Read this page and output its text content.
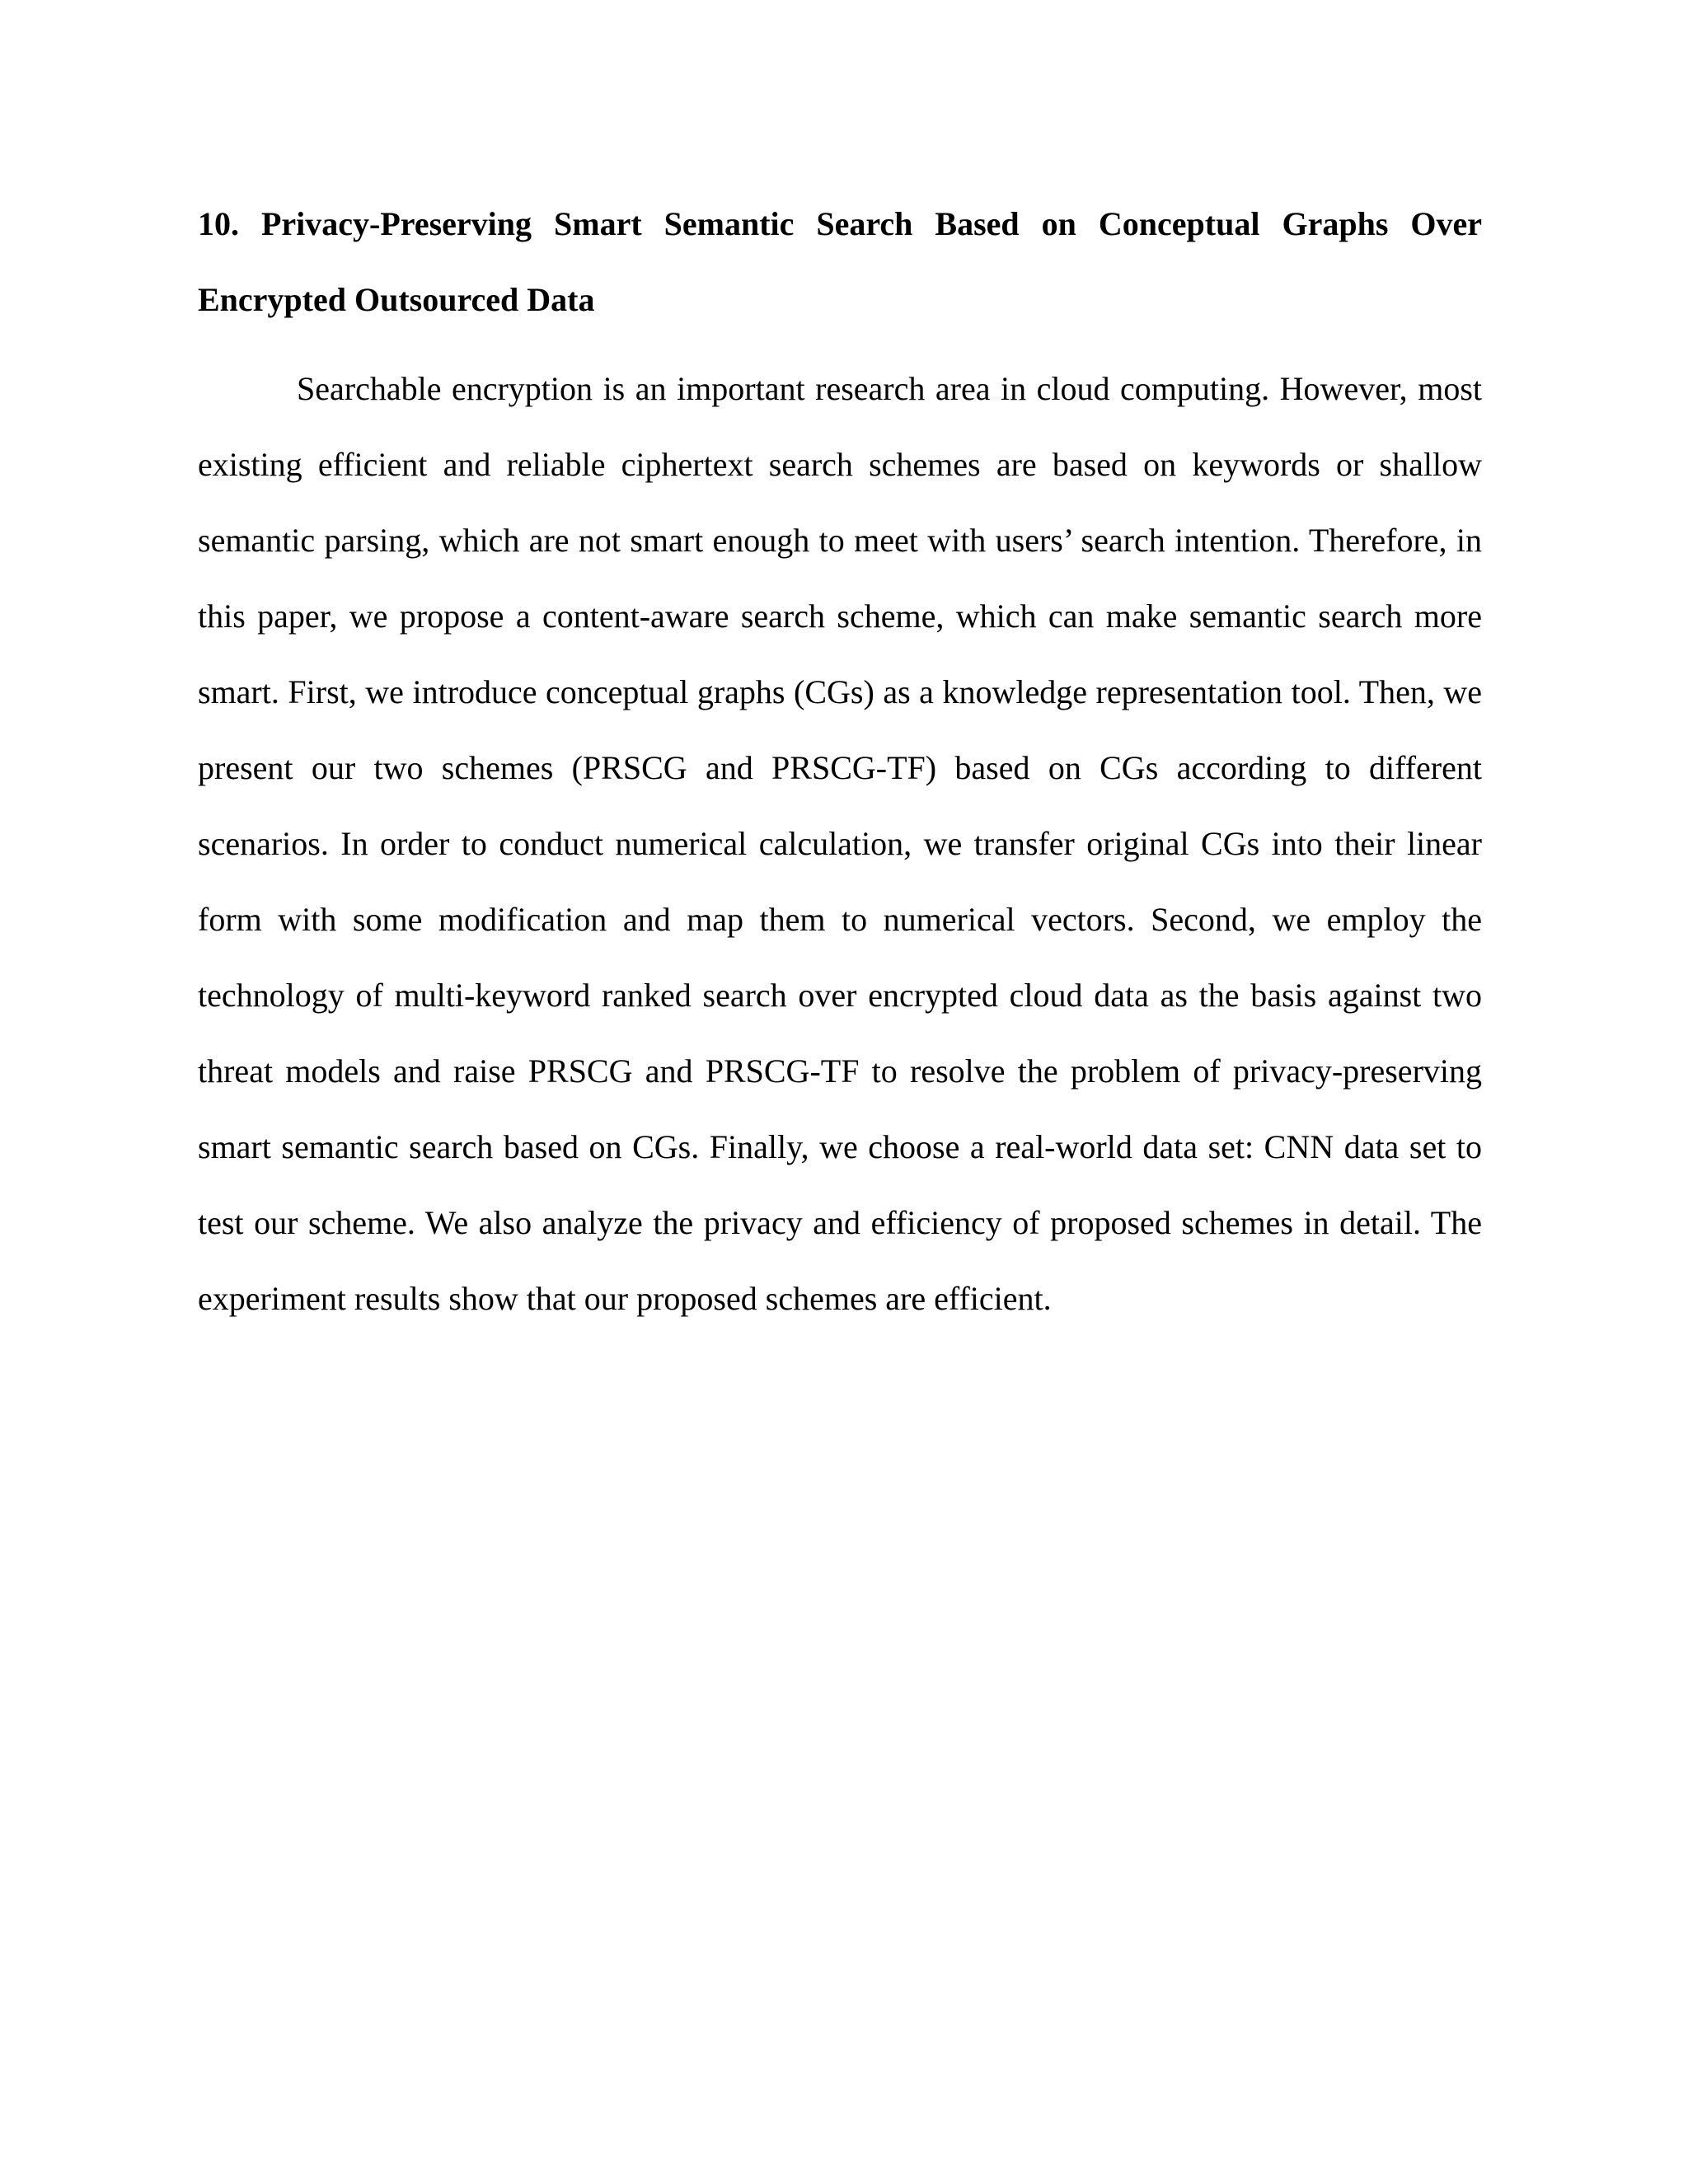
10. Privacy-Preserving Smart Semantic Search Based on Conceptual Graphs Over Encrypted Outsourced Data

Searchable encryption is an important research area in cloud computing. However, most existing efficient and reliable ciphertext search schemes are based on keywords or shallow semantic parsing, which are not smart enough to meet with users’ search intention. Therefore, in this paper, we propose a content-aware search scheme, which can make semantic search more smart. First, we introduce conceptual graphs (CGs) as a knowledge representation tool. Then, we present our two schemes (PRSCG and PRSCG-TF) based on CGs according to different scenarios. In order to conduct numerical calculation, we transfer original CGs into their linear form with some modification and map them to numerical vectors. Second, we employ the technology of multi-keyword ranked search over encrypted cloud data as the basis against two threat models and raise PRSCG and PRSCG-TF to resolve the problem of privacy-preserving smart semantic search based on CGs. Finally, we choose a real-world data set: CNN data set to test our scheme. We also analyze the privacy and efficiency of proposed schemes in detail. The experiment results show that our proposed schemes are efficient.
